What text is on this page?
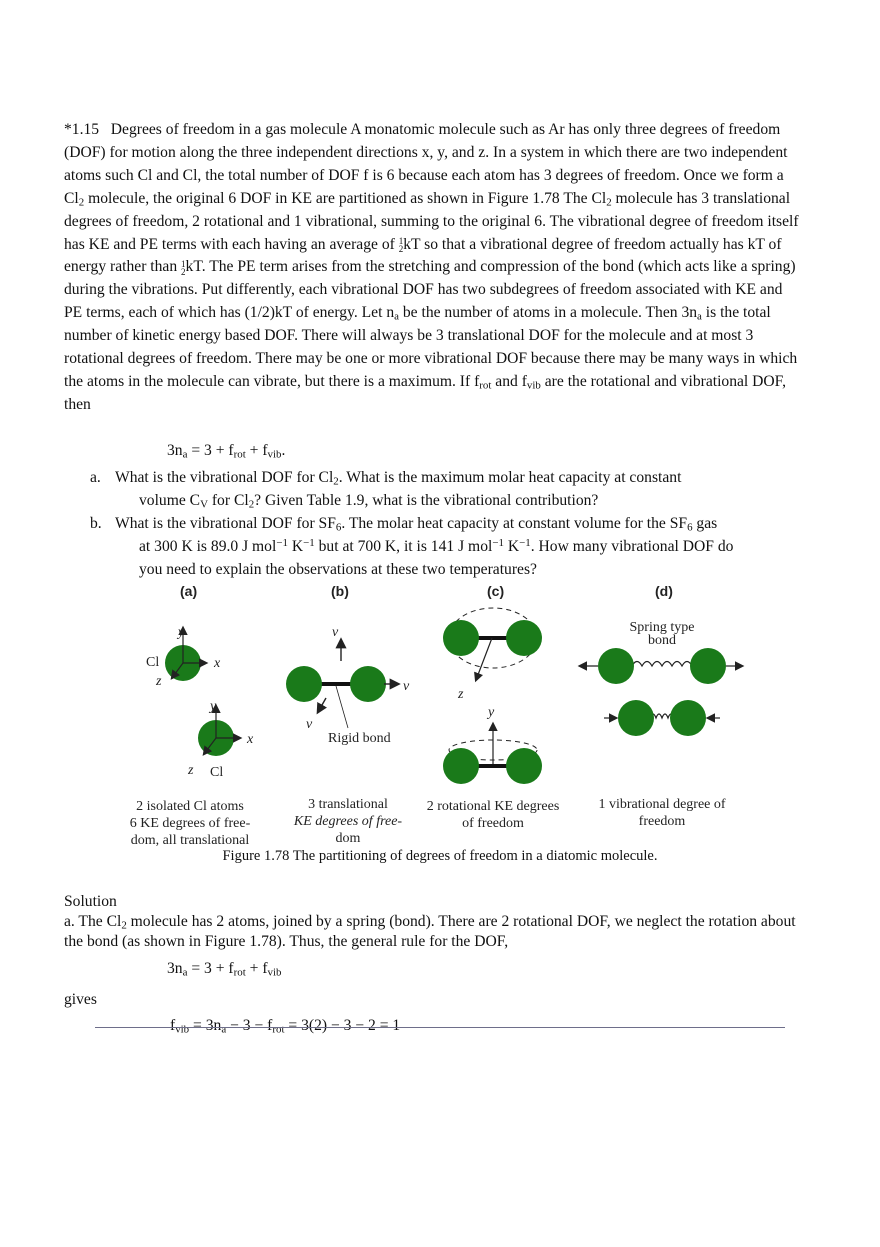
*1.15 Degrees of freedom in a gas molecule A monatomic molecule such as Ar has only three degrees of freedom (DOF) for motion along the three independent directions x, y, and z. In a system in which there are two independent atoms such Cl and Cl, the total number of DOF f is 6 because each atom has 3 degrees of freedom. Once we form a $Cl_2$ molecule, the original 6 DOF in KE are partitioned as shown in Figure 1.78 The $Cl_2$ molecule has 3 translational degrees of freedom, 2 rotational and 1 vibrational, summing to the original 6. The vibrational degree of freedom itself has KE and PE terms with each having an average of 1
2kT so that a vibrational degree of freedom actually has kT of energy rather than 1
2kT. The PE term arises from the stretching and compression of the bond (which acts like a spring) during the vibrations. Put differently, each vibrational DOF has two subdegrees of freedom associated with KE and PE terms, each of which has (1/2)kT of energy. Let $n_a$ be the number of atoms in a molecule. Then $3n_a$ is the total number of kinetic energy based DOF. There will always be 3 translational DOF for the molecule and at most 3 rotational degrees of freedom. There may be one or more vibrational DOF because there may be many ways in which the atoms in the molecule can vibrate, but there is a maximum. If $f_{rot}$ and $f_{vib}$ are the rotational and vibrational DOF, then

$3n_a = 3 + f_{rot} + f_{vib}$.
a. What is the vibrational DOF for $Cl_2$. What is the maximum molar heat capacity at constant
volume $C_V$ for $Cl_2$? Given Table 1.9, what is the vibrational contribution?
b. What is the vibrational DOF for $SF_6$. The molar heat capacity at constant volume for the $SF_6$ gas
at 300 K is 89.0 J mol$^{-1}$ $K^{-1}$ but at 700 K, it is 141 J mol$^{-1}$ $K^{-1}$. How many vibrational DOF do
you need to explain the observations at these two temperatures?
(a)	(b)	(c)	(d)
y
x
z
Cl
y
x
z Cl
2 isolated Cl atoms
6 KE degrees of free-
dom, all translational
v
v
v
Rigid bond
3 translational
KE degrees of free-
dom
z
y
2 rotational KE degrees
of freedom
Spring type
bond
1 vibrational degree of
freedom
Figure 1.78 The partitioning of degrees of freedom in a diatomic molecule.
Solution

a. The $Cl_2$ molecule has 2 atoms, joined by a spring (bond). There are 2 rotational DOF, we neglect the rotation about the bond (as shown in Figure 1.78). Thus, the general rule for the DOF,

$3n_a = 3 + f_{rot} + f_{vib}$
gives
$f_{vib} = 3n_a - 3 - f_{rot} = 3(2) - 3 - 2 = 1$
